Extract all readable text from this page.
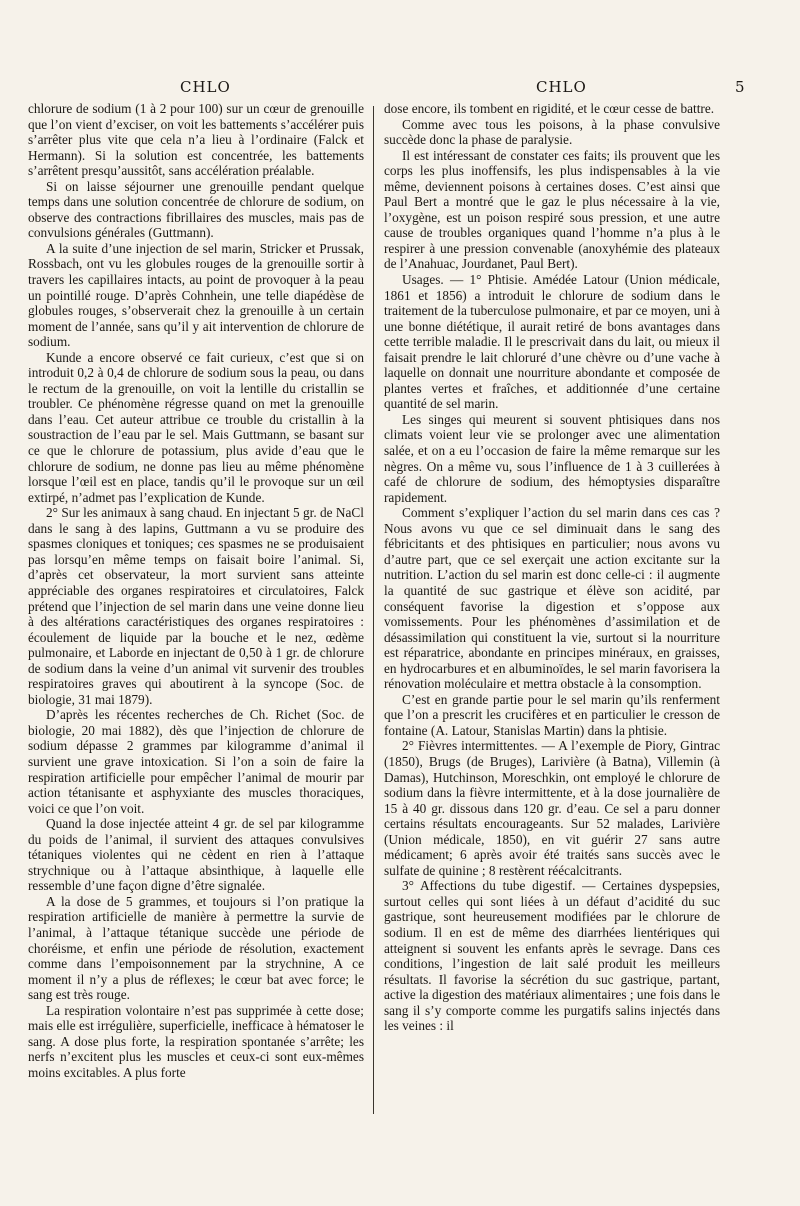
CHLO	CHLO	5

chlorure de sodium (1 à 2 pour 100) sur un cœur de grenouille que l’on vient d’exciser, on voit les battements s’accélérer puis s’arrêter plus vite que cela n’a lieu à l’ordinaire (Falck et Hermann). Si la solution est concentrée, les battements s’arrêtent presqu’aussitôt, sans accélération préalable.

Si on laisse séjourner une grenouille pendant quelque temps dans une solution concentrée de chlorure de sodium, on observe des contractions fibrillaires des muscles, mais pas de convulsions générales (Guttmann).

A la suite d’une injection de sel marin, Stricker et Prussak, Rossbach, ont vu les globules rouges de la grenouille sortir à travers les capillaires intacts, au point de provoquer à la peau un pointillé rouge. D’après Cohnhein, une telle diapédèse de globules rouges, s’observerait chez la grenouille à un certain moment de l’année, sans qu’il y ait intervention de chlorure de sodium.

Kunde a encore observé ce fait curieux, c’est que si on introduit 0,2 à 0,4 de chlorure de sodium sous la peau, ou dans le rectum de la grenouille, on voit la lentille du cristallin se troubler. Ce phénomène régresse quand on met la grenouille dans l’eau. Cet auteur attribue ce trouble du cristallin à la soustraction de l’eau par le sel. Mais Guttmann, se basant sur ce que le chlorure de potassium, plus avide d’eau que le chlorure de sodium, ne donne pas lieu au même phénomène lorsque l’œil est en place, tandis qu’il le provoque sur un œil extirpé, n’admet pas l’explication de Kunde.

2° Sur les animaux à sang chaud. En injectant 5 gr. de NaCl dans le sang à des lapins, Guttmann a vu se produire des spasmes cloniques et toniques; ces spasmes ne se produisaient pas lorsqu’en même temps on faisait boire l’animal. Si, d’après cet observateur, la mort survient sans atteinte appréciable des organes respiratoires et circulatoires, Falck prétend que l’injection de sel marin dans une veine donne lieu à des altérations caractéristiques des organes respiratoires : écoulement de liquide par la bouche et le nez, œdème pulmonaire, et Laborde en injectant de 0,50 à 1 gr. de chlorure de sodium dans la veine d’un animal vit survenir des troubles respiratoires graves qui aboutirent à la syncope (Soc. de biologie, 31 mai 1879).

D’après les récentes recherches de Ch. Richet (Soc. de biologie, 20 mai 1882), dès que l’injection de chlorure de sodium dépasse 2 grammes par kilogramme d’animal il survient une grave intoxication. Si l’on a soin de faire la respiration artificielle pour empêcher l’animal de mourir par action tétanisante et asphyxiante des muscles thoraciques, voici ce que l’on voit.

Quand la dose injectée atteint 4 gr. de sel par kilogramme du poids de l’animal, il survient des attaques convulsives tétaniques violentes qui ne cèdent en rien à l’attaque strychnique ou à l’attaque absinthique, à laquelle elle ressemble d’une façon digne d’être signalée.

A la dose de 5 grammes, et toujours si l’on pratique la respiration artificielle de manière à permettre la survie de l’animal, à l’attaque tétanique succède une période de choréisme, et enfin une période de résolution, exactement comme dans l’empoisonnement par la strychnine, A ce moment il n’y a plus de réflexes; le cœur bat avec force; le sang est très rouge.

La respiration volontaire n’est pas supprimée à cette dose; mais elle est irrégulière, superficielle, inefficace à hématoser le sang. A dose plus forte, la respiration spontanée s’arrête; les nerfs n’excitent plus les muscles et ceux-ci sont eux-mêmes moins excitables. A plus forte

dose encore, ils tombent en rigidité, et le cœur cesse de battre.

Comme avec tous les poisons, à la phase convulsive succède donc la phase de paralysie.

Il est intéressant de constater ces faits; ils prouvent que les corps les plus inoffensifs, les plus indispensables à la vie même, deviennent poisons à certaines doses. C’est ainsi que Paul Bert a montré que le gaz le plus nécessaire à la vie, l’oxygène, est un poison respiré sous pression, et une autre cause de troubles organiques quand l’homme n’a plus à le respirer à une pression convenable (anoxyhémie des plateaux de l’Anahuac, Jourdanet, Paul Bert).

Usages. — 1° Phtisie. Amédée Latour (Union médicale, 1861 et 1856) a introduit le chlorure de sodium dans le traitement de la tuberculose pulmonaire, et par ce moyen, uni à une bonne diététique, il aurait retiré de bons avantages dans cette terrible maladie. Il le prescrivait dans du lait, ou mieux il faisait prendre le lait chloruré d’une chèvre ou d’une vache à laquelle on donnait une nourriture abondante et composée de plantes vertes et fraîches, et additionnée d’une certaine quantité de sel marin.

Les singes qui meurent si souvent phtisiques dans nos climats voient leur vie se prolonger avec une alimentation salée, et on a eu l’occasion de faire la même remarque sur les nègres. On a même vu, sous l’influence de 1 à 3 cuillerées à café de chlorure de sodium, des hémoptysies disparaître rapidement.

Comment s’expliquer l’action du sel marin dans ces cas ? Nous avons vu que ce sel diminuait dans le sang des fébricitants et des phtisiques en particulier; nous avons vu d’autre part, que ce sel exerçait une action excitante sur la nutrition. L’action du sel marin est donc celle-ci : il augmente la quantité de suc gastrique et élève son acidité, par conséquent favorise la digestion et s’oppose aux vomissements. Pour les phénomènes d’assimilation et de désassimilation qui constituent la vie, surtout si la nourriture est réparatrice, abondante en principes minéraux, en graisses, en hydrocarbures et en albuminoïdes, le sel marin favorisera la rénovation moléculaire et mettra obstacle à la consomption.

C’est en grande partie pour le sel marin qu’ils renferment que l’on a prescrit les crucifères et en particulier le cresson de fontaine (A. Latour, Stanislas Martin) dans la phtisie.

2° Fièvres intermittentes. — A l’exemple de Piory, Gintrac (1850), Brugs (de Bruges), Larivière (à Batna), Villemin (à Damas), Hutchinson, Moreschkin, ont employé le chlorure de sodium dans la fièvre intermittente, et à la dose journalière de 15 à 40 gr. dissous dans 120 gr. d’eau. Ce sel a paru donner certains résultats encourageants. Sur 52 malades, Larivière (Union médicale, 1850), en vit guérir 27 sans autre médicament; 6 après avoir été traités sans succès avec le sulfate de quinine ; 8 restèrent réécalcitrants.

3° Affections du tube digestif. — Certaines dyspepsies, surtout celles qui sont liées à un défaut d’acidité du suc gastrique, sont heureusement modifiées par le chlorure de sodium. Il en est de même des diarrhées lientériques qui atteignent si souvent les enfants après le sevrage. Dans ces conditions, l’ingestion de lait salé produit les meilleurs résultats. Il favorise la sécrétion du suc gastrique, partant, active la digestion des matériaux alimentaires ; une fois dans le sang il s’y comporte comme les purgatifs salins injectés dans les veines : il
